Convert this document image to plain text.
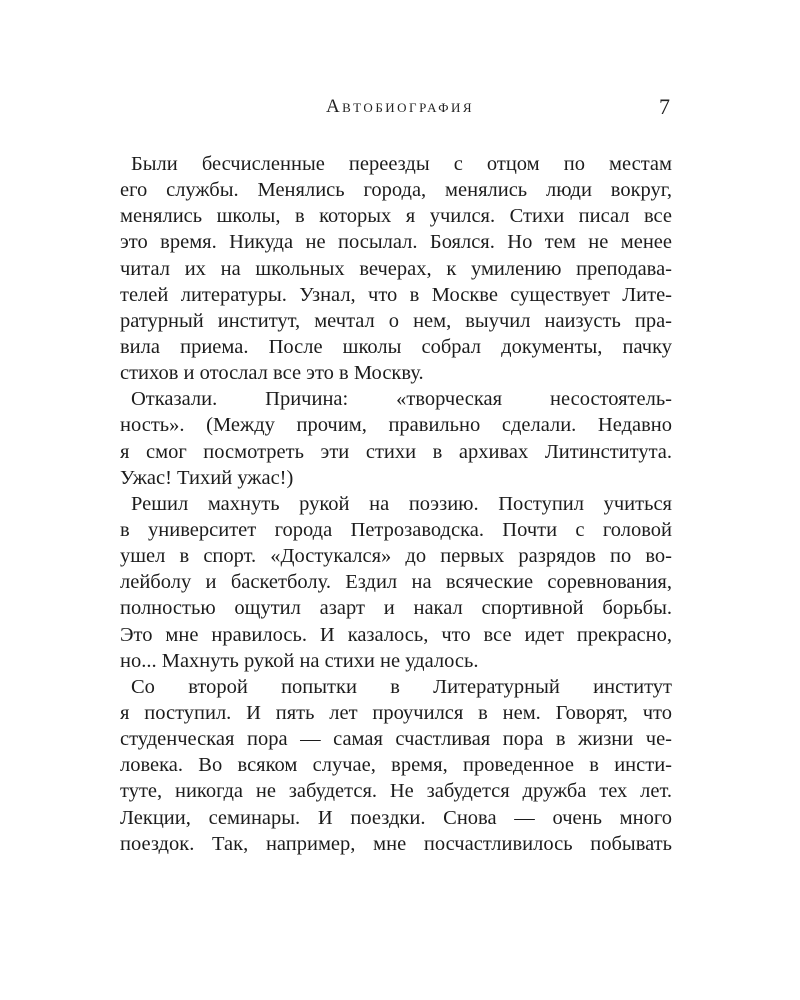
Автобиография	7
Были бесчисленные переезды с отцом по местам
его службы. Менялись города, менялись люди вокруг,
менялись школы, в которых я учился. Стихи писал все
это время. Никуда не посылал. Боялся. Но тем не менее
читал их на школьных вечерах, к умилению преподава-
телей литературы. Узнал, что в Москве существует Лите-
ратурный институт, мечтал о нем, выучил наизусть пра-
вила приема. После школы собрал документы, пачку
стихов и отослал все это в Москву.
Отказали. Причина: «творческая несостоятель-
ность». (Между прочим, правильно сделали. Недавно
я смог посмотреть эти стихи в архивах Литинститута.
Ужас! Тихий ужас!)
Решил махнуть рукой на поэзию. Поступил учиться
в университет города Петрозаводска. Почти с головой
ушел в спорт. «Достукался» до первых разрядов по во-
лейболу и баскетболу. Ездил на всяческие соревнования,
полностью ощутил азарт и накал спортивной борьбы.
Это мне нравилось. И казалось, что все идет прекрасно,
но... Махнуть рукой на стихи не удалось.
Со второй попытки в Литературный институт
я поступил. И пять лет проучился в нем. Говорят, что
студенческая пора — самая счастливая пора в жизни че-
ловека. Во всяком случае, время, проведенное в инсти-
туте, никогда не забудется. Не забудется дружба тех лет.
Лекции, семинары. И поездки. Снова — очень много
поездок. Так, например, мне посчастливилось побывать
